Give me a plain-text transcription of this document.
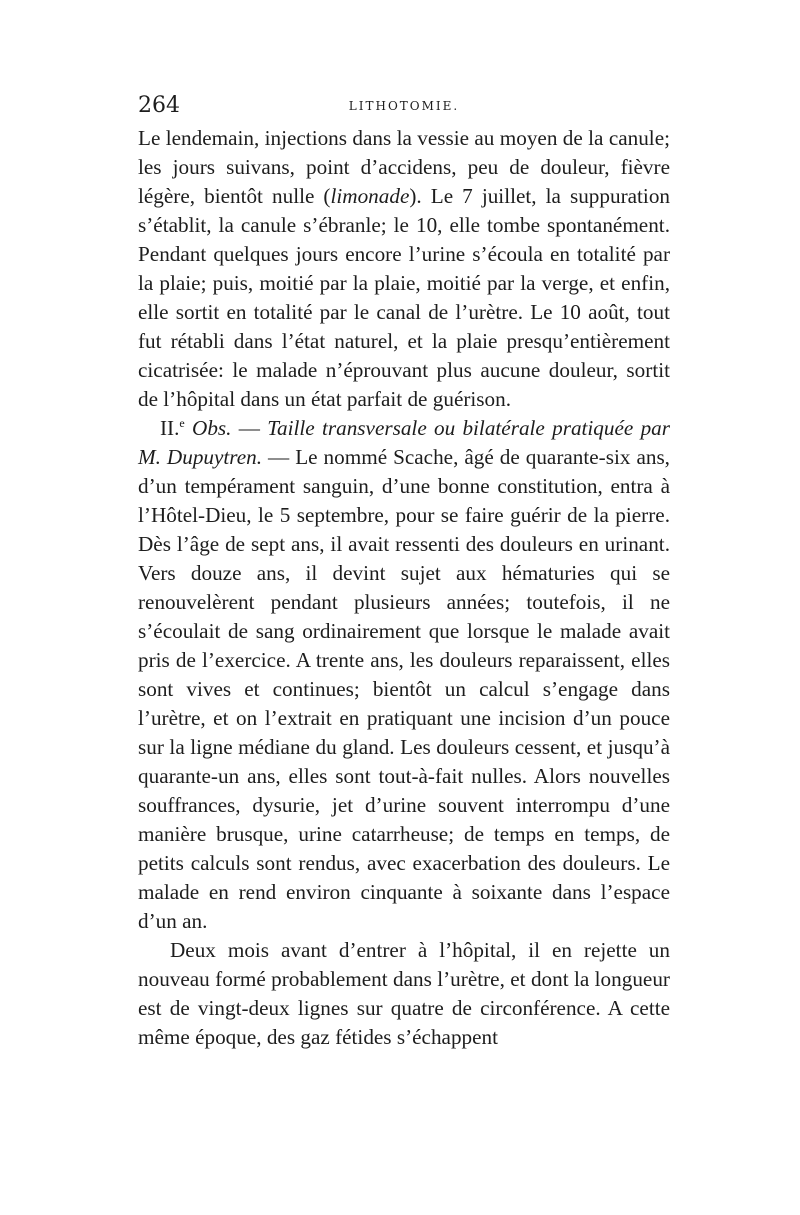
264	LITHOTOMIE.

Le lendemain, injections dans la vessie au moyen de la canule; les jours suivans, point d’accidens, peu de douleur, fièvre légère, bientôt nulle (limonade). Le 7 juillet, la suppuration s’établit, la canule s’ébranle; le 10, elle tombe spontanément. Pendant quelques jours encore l’urine s’écoula en totalité par la plaie; puis, moitié par la plaie, moitié par la verge, et enfin, elle sortit en totalité par le canal de l’urètre. Le 10 août, tout fut rétabli dans l’état naturel, et la plaie presqu’entièrement cicatrisée: le malade n’éprouvant plus aucune douleur, sortit de l’hôpital dans un état parfait de guérison.

II.$^e$ Obs. — Taille transversale ou bilatérale pratiquée par M. Dupuytren. — Le nommé Scache, âgé de quarante-six ans, d’un tempérament sanguin, d’une bonne constitution, entra à l’Hôtel-Dieu, le 5 septembre, pour se faire guérir de la pierre. Dès l’âge de sept ans, il avait ressenti des douleurs en urinant. Vers douze ans, il devint sujet aux hématuries qui se renouvelèrent pendant plusieurs années; toutefois, il ne s’écoulait de sang ordinairement que lorsque le malade avait pris de l’exercice. A trente ans, les douleurs reparaissent, elles sont vives et continues; bientôt un calcul s’engage dans l’urètre, et on l’extrait en pratiquant une incision d’un pouce sur la ligne médiane du gland. Les douleurs cessent, et jusqu’à quarante-un ans, elles sont tout-à-fait nulles. Alors nouvelles souffrances, dysurie, jet d’urine souvent interrompu d’une manière brusque, urine catarrheuse; de temps en temps, de petits calculs sont rendus, avec exacerbation des douleurs. Le malade en rend environ cinquante à soixante dans l’espace d’un an.

Deux mois avant d’entrer à l’hôpital, il en rejette un nouveau formé probablement dans l’urètre, et dont la longueur est de vingt-deux lignes sur quatre de circonférence. A cette même époque, des gaz fétides s’échappent
